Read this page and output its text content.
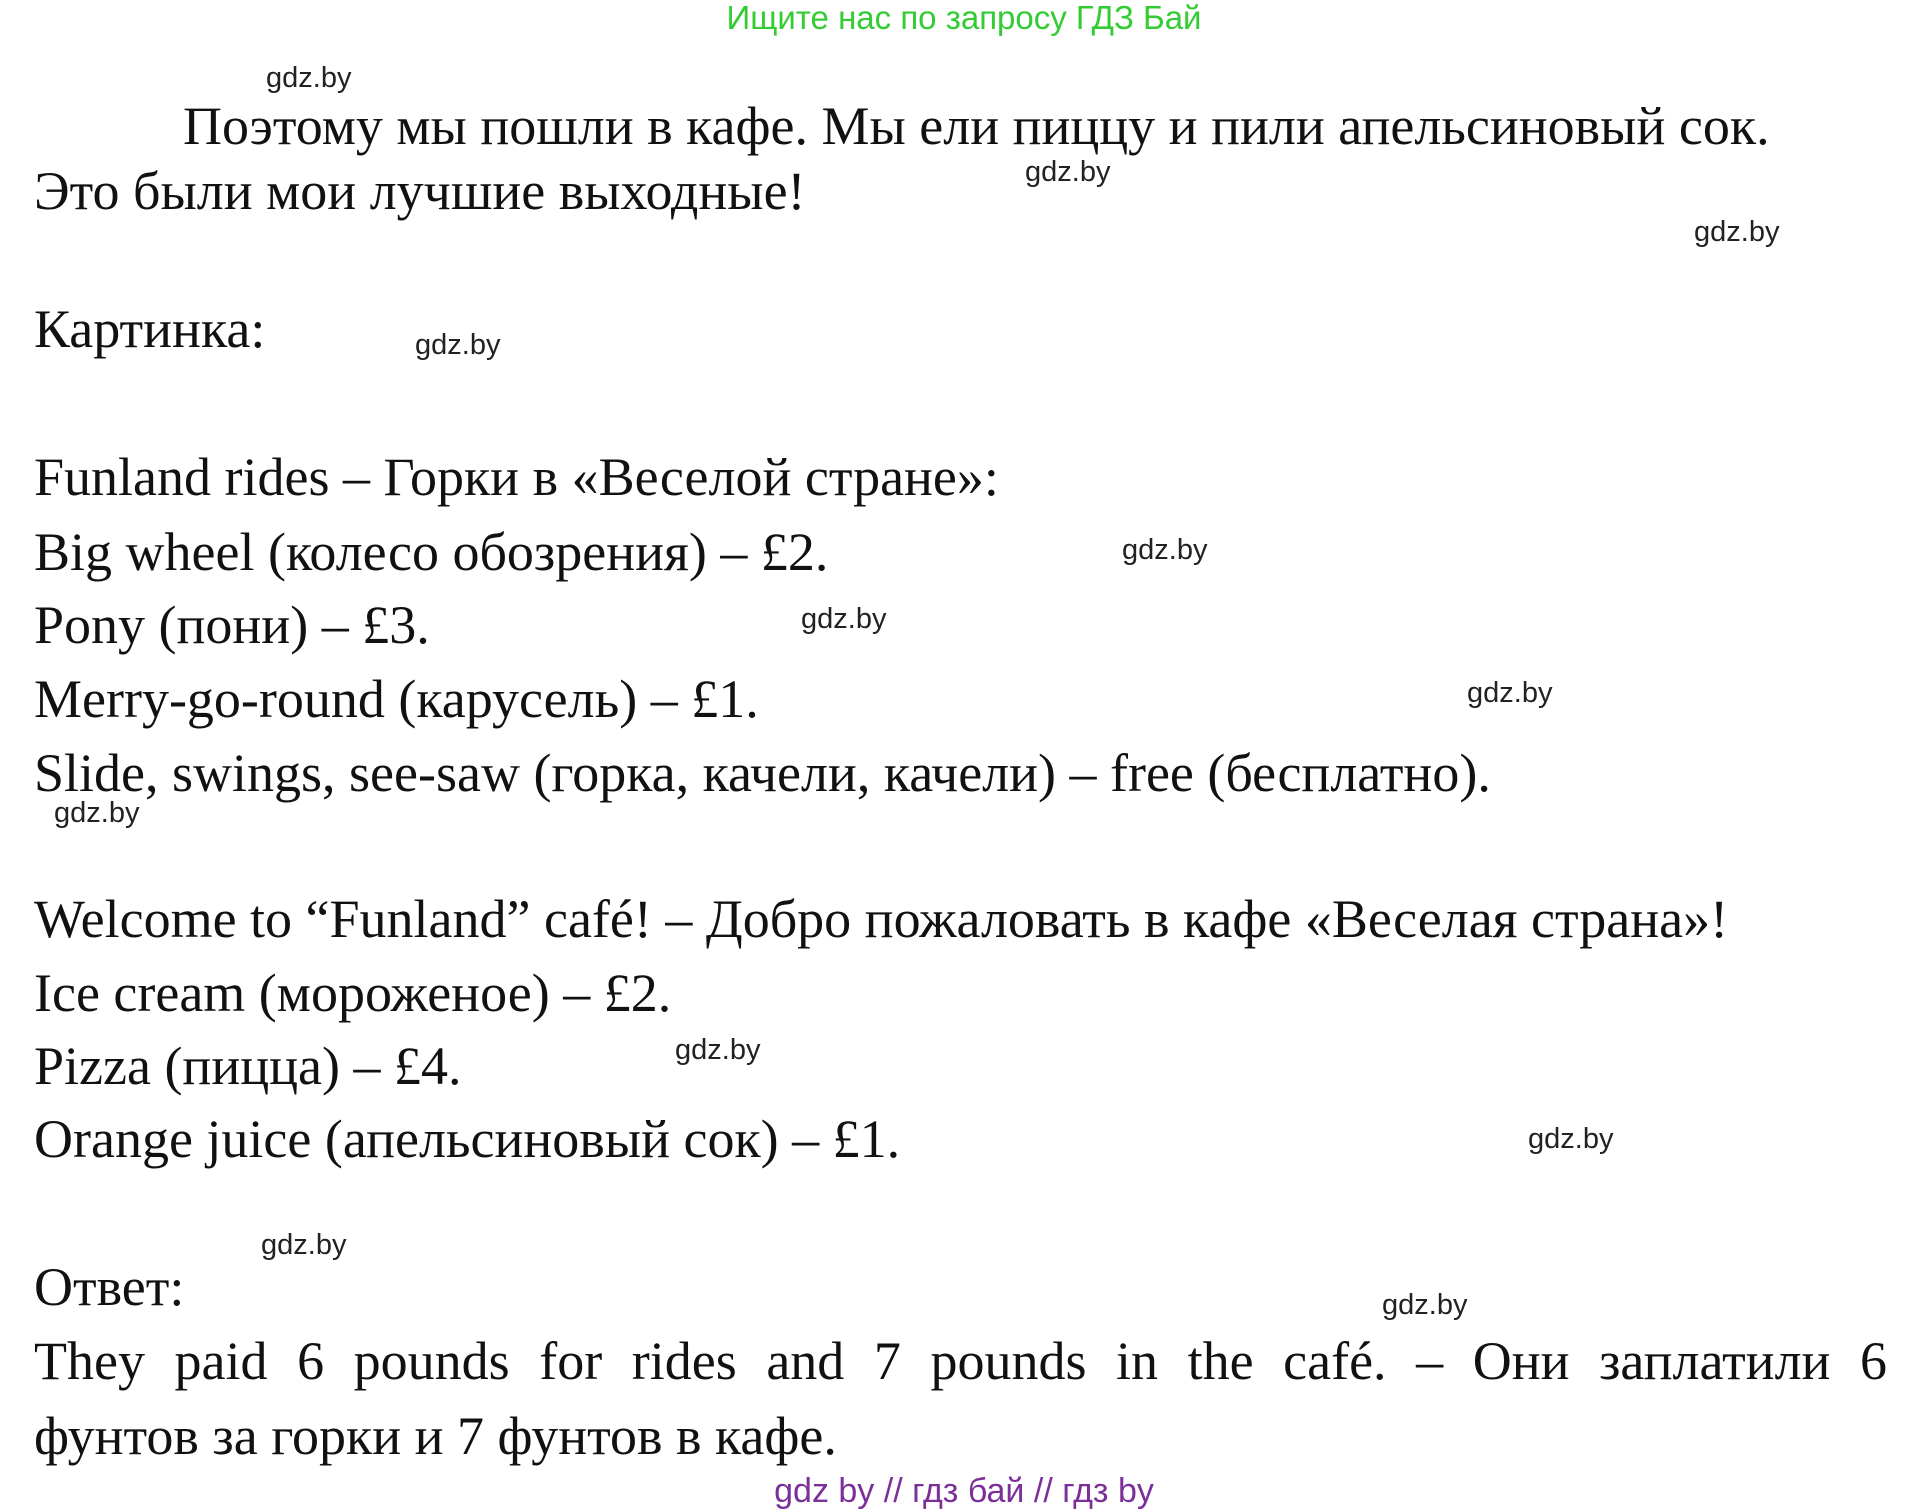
Ищите нас по запросу ГДЗ Бай
Поэтому мы пошли в кафе. Мы ели пиццу и пили апельсиновый сок.
Это были мои лучшие выходные!
Картинка:
Funland rides – Горки в «Веселой стране»:
Big wheel (колесо обозрения) – £2.
Pony (пони) – £3.
Merry-go-round (карусель) – £1.
Slide, swings, see-saw (горка, качели, качели) – free (бесплатно).
Welcome to “Funland” café! – Добро пожаловать в кафе «Веселая страна»!
Ice cream (мороженое) – £2.
Pizza (пицца) – £4.
Orange juice (апельсиновый сок) – £1.
Ответ:
They paid 6 pounds for rides and 7 pounds in the café. – Они заплатили 6
фунтов за горки и 7 фунтов в кафе.
gdz.by
gdz.by
gdz.by
gdz.by
gdz.by
gdz.by
gdz.by
gdz.by
gdz.by
gdz.by
gdz.by
gdz.by
gdz by // гдз бай // гдз by
